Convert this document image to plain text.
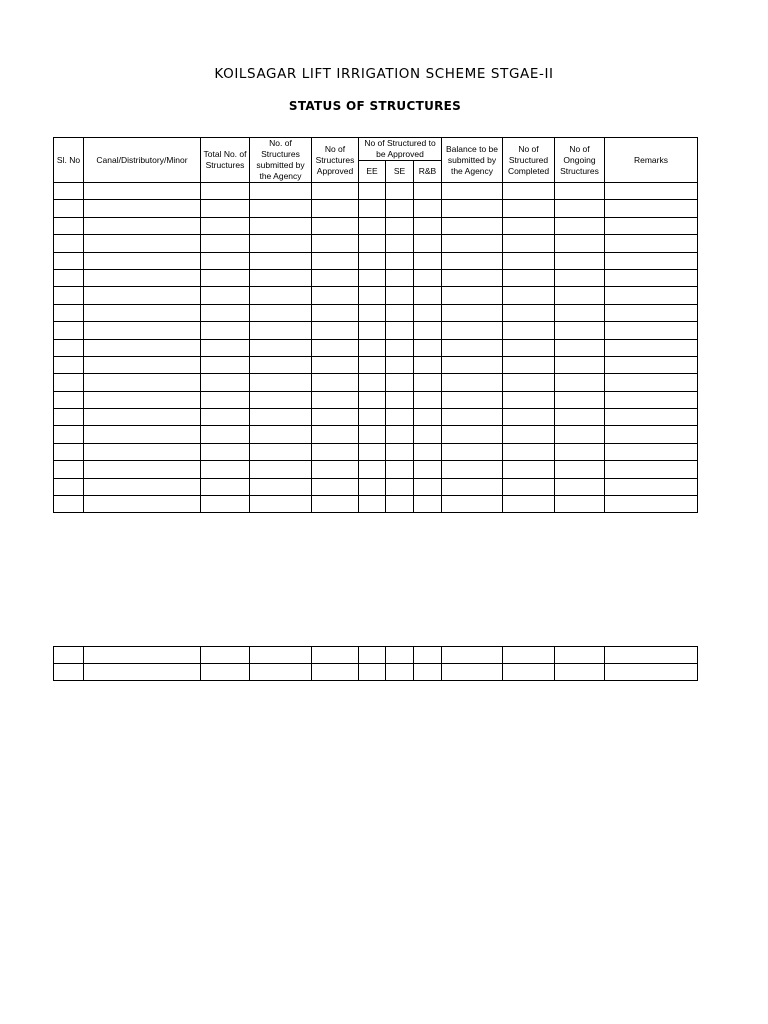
KOILSAGAR LIFT IRRIGATION SCHEME STGAE-II
STATUS OF STRUCTURES
Sl. No	Canal/Distributory/Minor	Total No. of Structures	No. of Structures submitted by the Agency	No of Structures Approved	No of Structured to be Approved			Balance to be submitted by the Agency	No of Structured Completed	No of Ongoing Structures	Remarks
					EE	SE	R&B				
